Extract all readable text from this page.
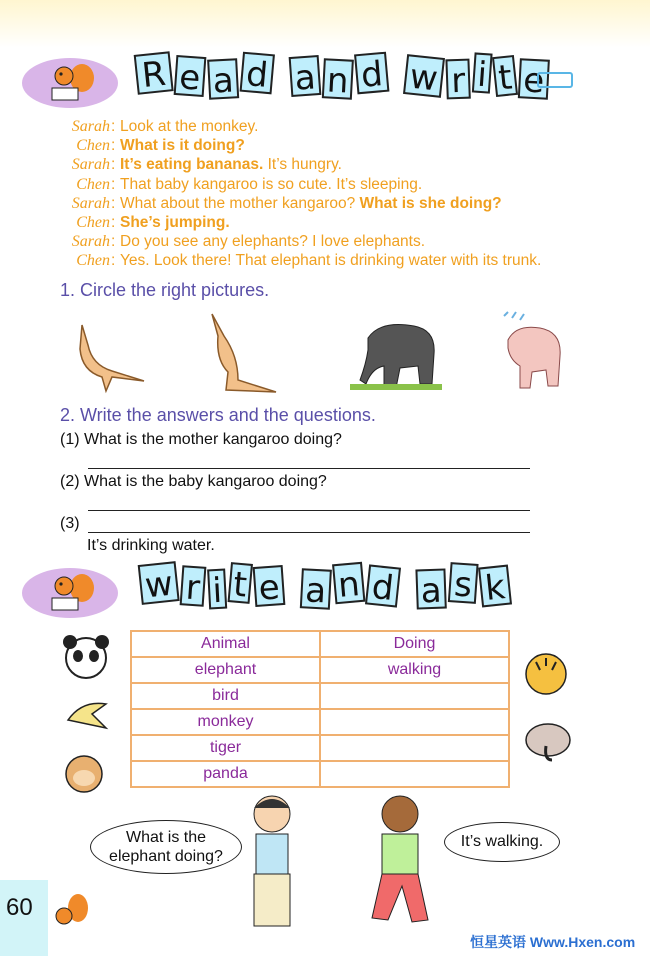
R e a d a n d w r i t e
Sarah : Look at the monkey.
Chen : What is it doing?
Sarah : It’s eating bananas. It’s hungry.
Chen : That baby kangaroo is so cute. It’s sleeping.
Sarah : What about the mother kangaroo? What is she doing?
Chen : She’s jumping.
Sarah : Do you see any elephants? I love elephants.
Chen : Yes. Look there! That elephant is drinking water with its trunk.
1. Circle the right pictures.
2. Write the answers and the questions.
(1) What is the mother kangaroo doing?
(2) What is the baby kangaroo doing?
(3)
It’s drinking water.
w r i t e a n d a s k
Animal	Doing
elephant	walking
bird	
monkey	
tiger	
panda	
What is the elephant doing?
It’s walking.
60
恒星英语 Www.Hxen.com
